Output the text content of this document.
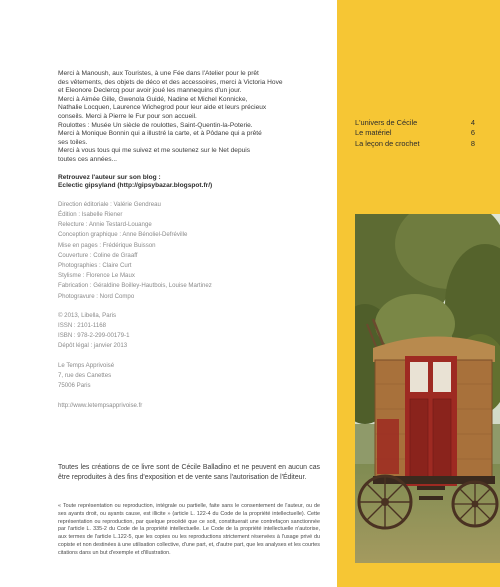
Merci à Manoush, aux Touristes, à une Fée dans l'Atelier pour le prêt

des vêtements, des objets de déco et des accessoires, merci à Victoria Hove

et Eleonore Declercq pour avoir joué les mannequins d'un jour.

Merci à Aimée Gille, Gwenola Guidé, Nadine et Michel Konnicke,

Nathalie Locquen, Laurence Wichegrod pour leur aide et leurs précieux

conseils. Merci à Pierre le Fur pour son accueil.

Roulottes : Musée Un siècle de roulottes, Saint-Quentin-la-Poterie.

Merci à Monique Bonnin qui a illustré la carte, et à Pôdane qui a prêté

ses toiles.

Merci à vous tous qui me suivez et me soutenez sur le Net depuis

toutes ces années...

Retrouvez l'auteur sur son blog :
Eclectic gipsyland (http://gipsybazar.blogspot.fr/)

Direction éditoriale : Valérie Gendreau

Édition : Isabelle Riener

Relecture : Annie Testard-Louange

Conception graphique : Anne Bénoliel-Defréville

Mise en pages : Frédérique Buisson

Couverture : Coline de Graaff

Photographies : Claire Curt

Stylisme : Florence Le Maux

Fabrication : Géraldine Boilley-Hautbois, Louise Martinez

Photogravure : Nord Compo

© 2013, Libella, Paris

ISSN : 2101-1168

ISBN : 978-2-299-00179-1

Dépôt légal : janvier 2013

Le Temps Apprivoisé

7, rue des Canettes

75006 Paris

http://www.letempsapprivoise.fr
Toutes les créations de ce livre sont de Cécile Balladino et ne peuvent en aucun cas être reproduites à des fins d'exposition et de vente sans l'autorisation de l'Éditeur.
« Toute représentation ou reproduction, intégrale ou partielle, faite sans le consentement de l'auteur, ou de ses ayants droit, ou ayants cause, est illicite » (article L. 122-4 du Code de la propriété intellectuelle). Cette représentation ou reproduction, par quelque procédé que ce soit, constituerait une contrefaçon sanctionnée par l'article L. 335-2 du Code de la propriété intellectuelle. Le Code de la propriété intellectuelle n'autorise, aux termes de l'article L.122-5, que les copies ou les reproductions strictement réservées à l'usage privé du copiste et non destinées à une utilisation collective, d'une part, et, d'autre part, que les analyses et les courtes citations dans un but d'exemple et d'illustration.
L'univers de Cécile	4
Le matériel	6
La leçon de crochet	8
